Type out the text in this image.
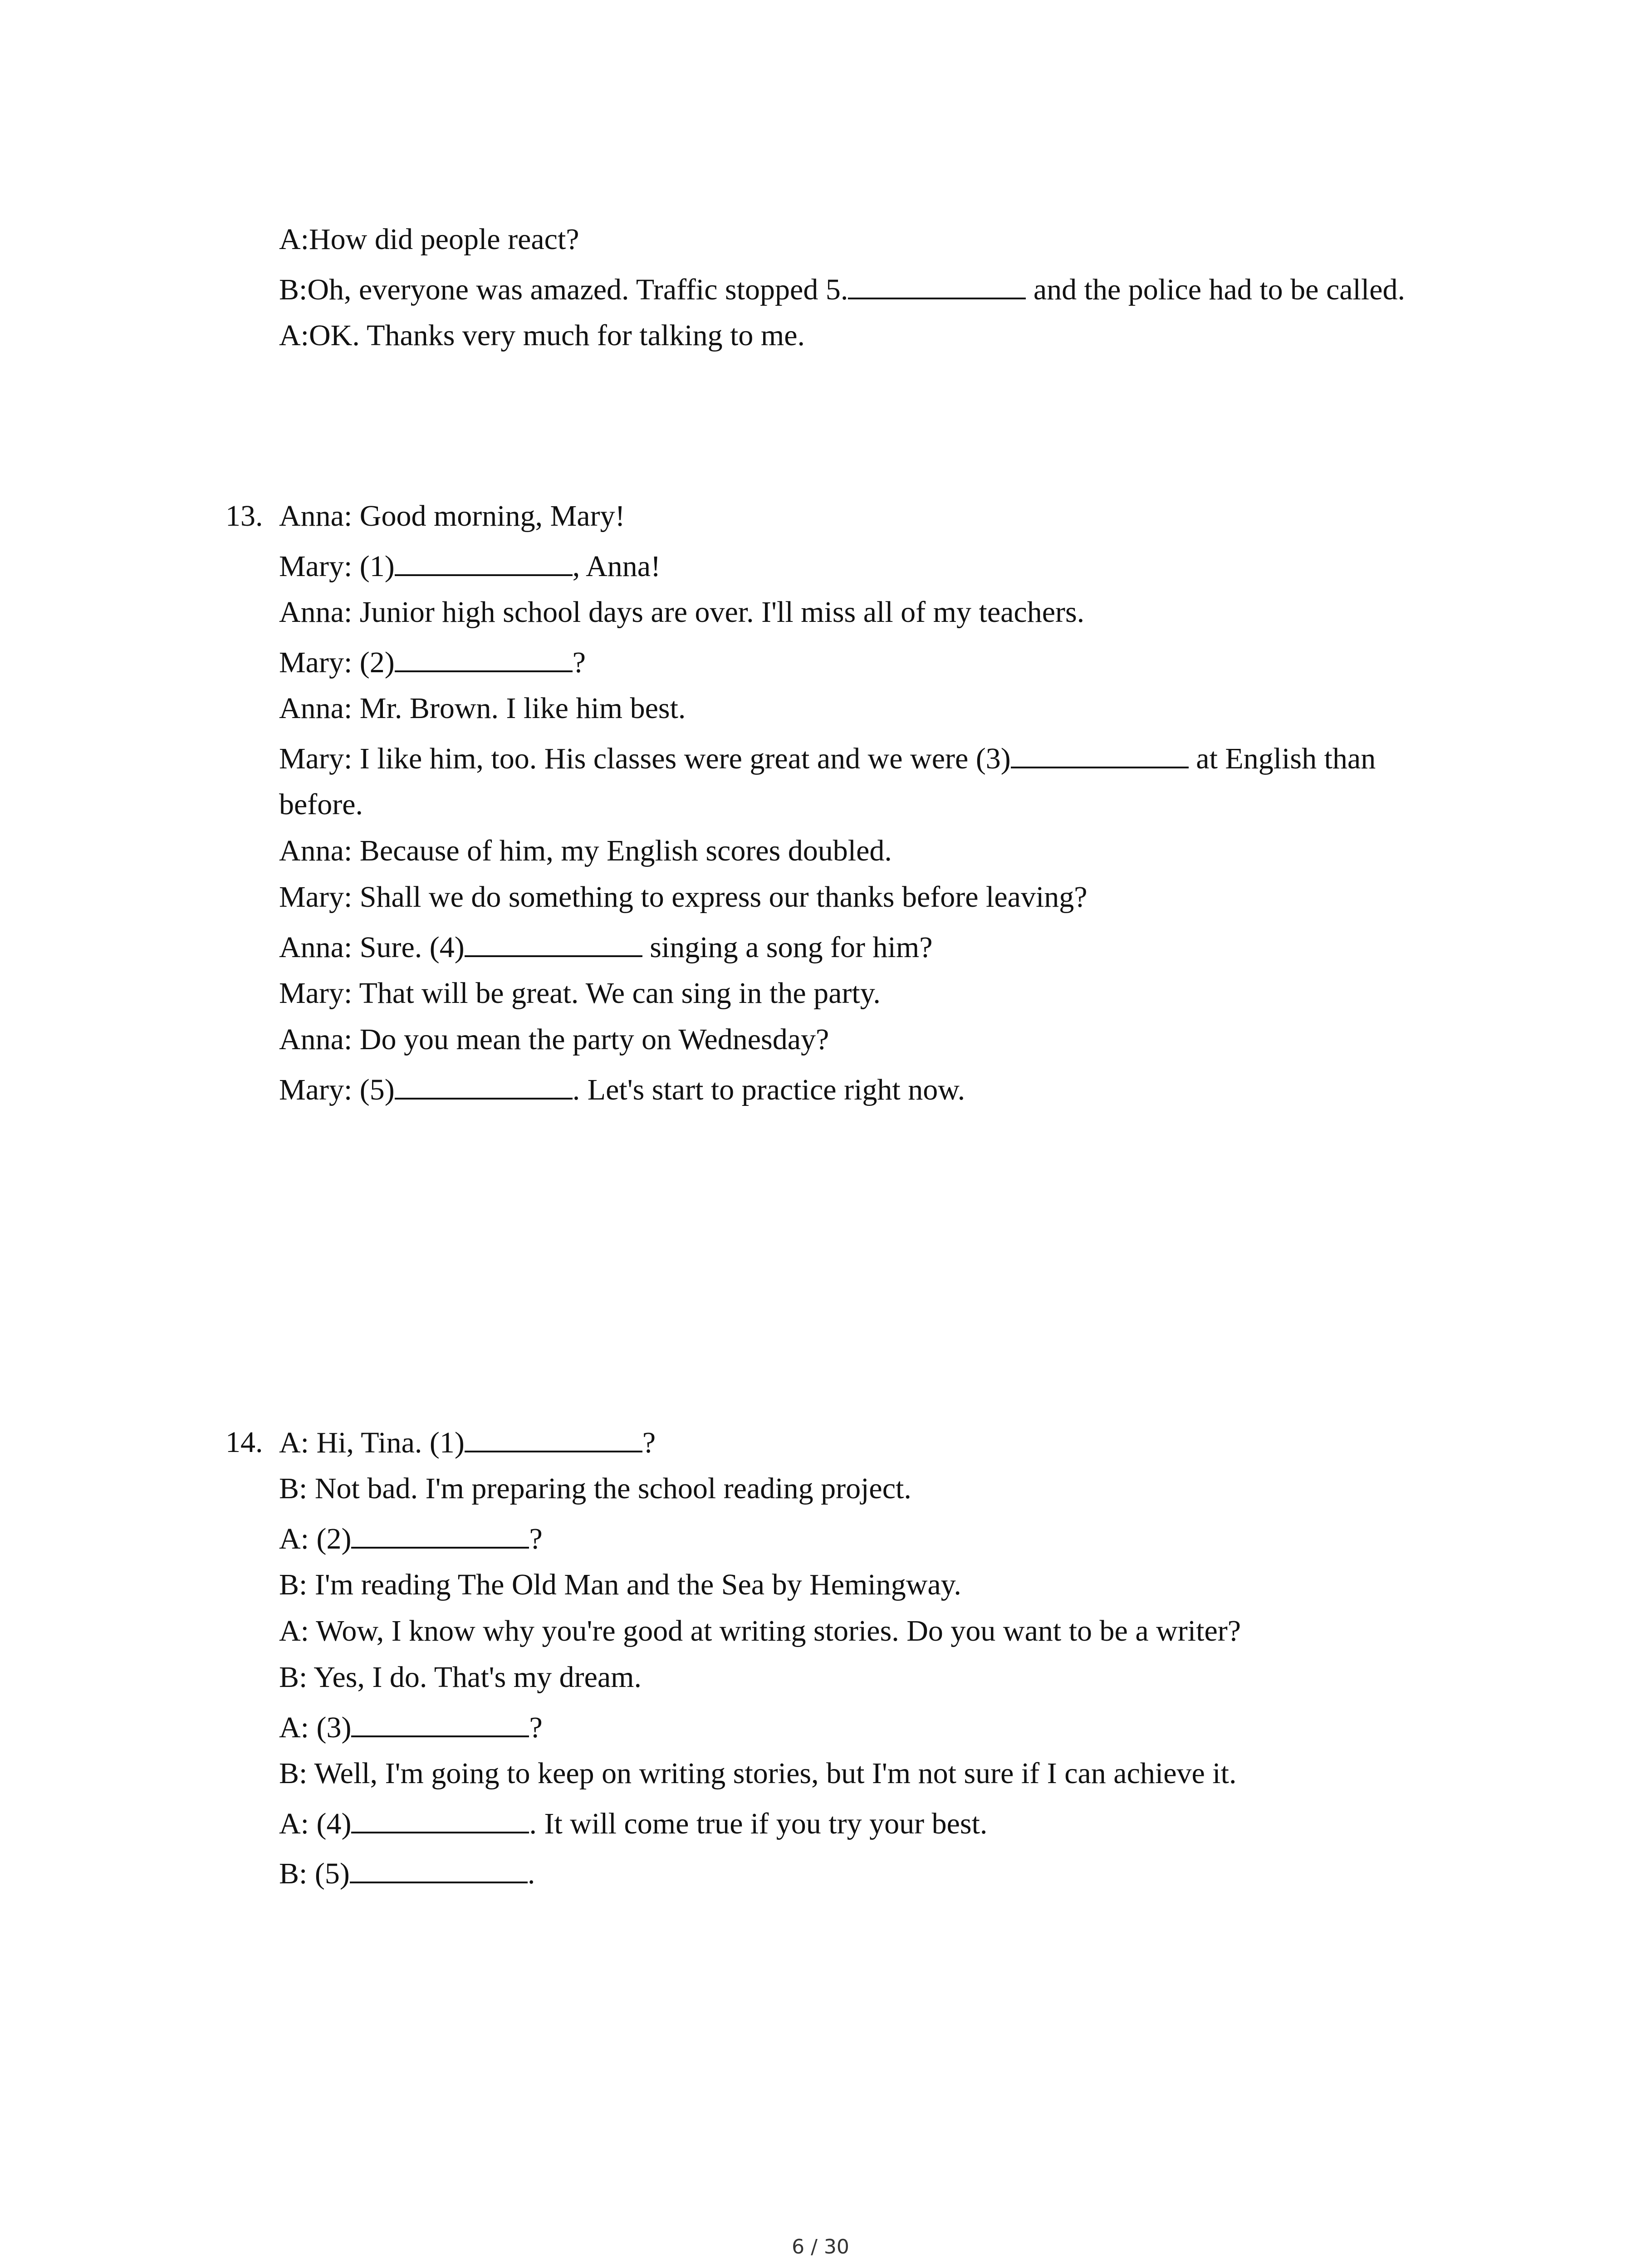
A:How did people react?
B:Oh, everyone was amazed. Traffic stopped 5.	and the police had to be called.
A:OK. Thanks very much for talking to me.
13. Anna: Good morning, Mary!
Mary: (1)	, Anna!
Anna: Junior high school days are over. I'll miss all of my teachers.
Mary: (2)	?
Anna: Mr. Brown. I like him best.
Mary: I like him, too. His classes were great and we were (3)	at English than
before.
Anna: Because of him, my English scores doubled.
Mary: Shall we do something to express our thanks before leaving?
Anna: Sure. (4)	singing a song for him?
Mary: That will be great. We can sing in the party.
Anna: Do you mean the party on Wednesday?
Mary: (5)	. Let's start to practice right now.
14. A: Hi, Tina. (1)	?
B: Not bad. I'm preparing the school reading project.
A: (2)	?
B: I'm reading The Old Man and the Sea by Hemingway.
A: Wow, I know why you're good at writing stories. Do you want to be a writer?
B: Yes, I do. That's my dream.
A: (3)	?
B: Well, I'm going to keep on writing stories, but I'm not sure if I can achieve it.
A: (4)	. It will come true if you try your best.
B: (5)	.
6 / 30
